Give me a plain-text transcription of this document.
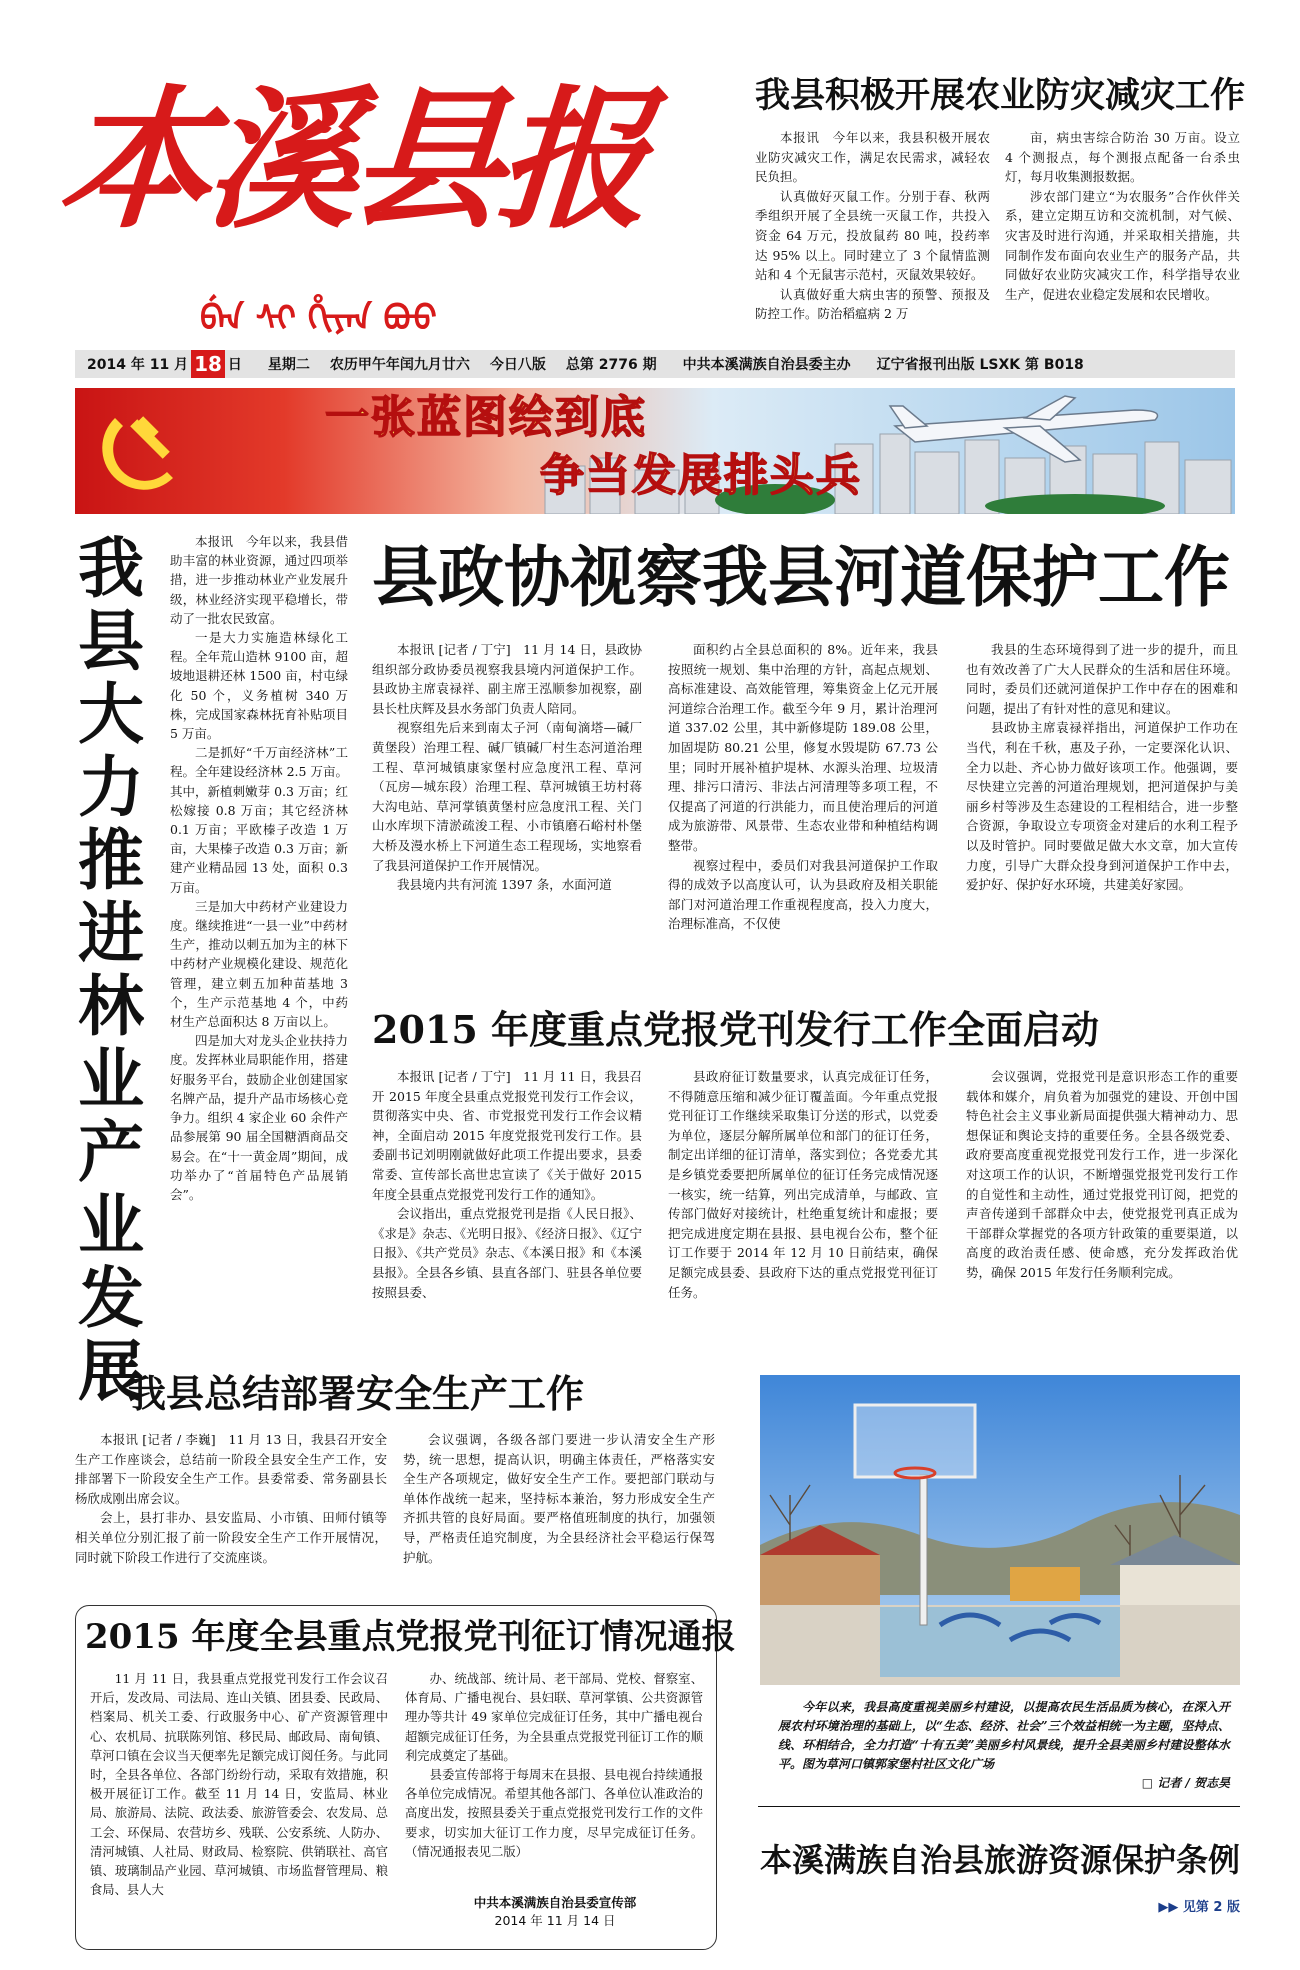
本溪县报
ᠪᡝᠨ ᠰᡳ ᡥᡳᠶᠠᠨ ᠪᠣᠣ
我县积极开展农业防灾减灾工作

本报讯　今年以来，我县积极开展农业防灾减灾工作，满足农民需求，减轻农民负担。

认真做好灭鼠工作。分别于春、秋两季组织开展了全县统一灭鼠工作，共投入资金 64 万元，投放鼠药 80 吨，投药率达 95% 以上。同时建立了 3 个鼠情监测站和 4 个无鼠害示范村，灭鼠效果较好。

认真做好重大病虫害的预警、预报及防控工作。防治稻瘟病 2 万

亩，病虫害综合防治 30 万亩。设立 4 个测报点，每个测报点配备一台杀虫灯，每月收集测报数据。

涉农部门建立“为农服务”合作伙伴关系，建立定期互访和交流机制，对气候、灾害及时进行沟通，并采取相关措施，共同制作发布面向农业生产的服务产品，共同做好农业防灾减灾工作，科学指导农业生产，促进农业稳定发展和农民增收。

2014 年 11 月 18 日 星期二 农历甲午年闰九月廿六 今日八版 总第 2776 期 中共本溪满族自治县委主办 辽宁省报刊出版 LSXK 第 B018
一张蓝图绘到底
争当发展排头兵
我县大力推进林业产业发展

本报讯　今年以来，我县借助丰富的林业资源，通过四项举措，进一步推动林业产业发展升级，林业经济实现平稳增长，带动了一批农民致富。

一是大力实施造林绿化工程。全年荒山造林 9100 亩，超坡地退耕还林 1500 亩，村屯绿化 50 个，义务植树 340 万株，完成国家森林抚育补贴项目 5 万亩。

二是抓好“千万亩经济林”工程。全年建设经济林 2.5 万亩。其中，新植刺嫩芽 0.3 万亩；红松嫁接 0.8 万亩；其它经济林 0.1 万亩；平欧榛子改造 1 万亩，大果榛子改造 0.3 万亩；新建产业精品园 13 处，面积 0.3 万亩。

三是加大中药材产业建设力度。继续推进“一县一业”中药材生产，推动以刺五加为主的林下中药材产业规模化建设、规范化管理，建立刺五加种苗基地 3 个，生产示范基地 4 个，中药材生产总面积达 8 万亩以上。

四是加大对龙头企业扶持力度。发挥林业局职能作用，搭建好服务平台，鼓励企业创建国家名牌产品，提升产品市场核心竞争力。组织 4 家企业 60 余件产品参展第 90 届全国糖酒商品交易会。在“十一黄金周”期间，成功举办了“首届特色产品展销会”。

县政协视察我县河道保护工作

本报讯 [记者 / 丁宁]　11 月 14 日，县政协组织部分政协委员视察我县境内河道保护工作。县政协主席袁禄祥、副主席王泓顺参加视察，副县长杜庆辉及县水务部门负责人陪同。

视察组先后来到南太子河（南甸滴塔—碱厂黄堡段）治理工程、碱厂镇碱厂村生态河道治理工程、草河城镇康家堡村应急度汛工程、草河（瓦房—城东段）治理工程、草河城镇王坊村蒋大沟电站、草河掌镇黄堡村应急度汛工程、关门山水库坝下清淤疏浚工程、小市镇磨石峪村朴堡大桥及漫水桥上下河道生态工程现场，实地察看了我县河道保护工作开展情况。

我县境内共有河流 1397 条，水面河道

面积约占全县总面积的 8%。近年来，我县按照统一规划、集中治理的方针，高起点规划、高标准建设、高效能管理，筹集资金上亿元开展河道综合治理工作。截至今年 9 月，累计治理河道 337.02 公里，其中新修堤防 189.08 公里，加固堤防 80.21 公里，修复水毁堤防 67.73 公里；同时开展补植护堤林、水源头治理、垃圾清理、排污口清污、非法占河清理等多项工程，不仅提高了河道的行洪能力，而且使治理后的河道成为旅游带、风景带、生态农业带和种植结构调整带。

视察过程中，委员们对我县河道保护工作取得的成效予以高度认可，认为县政府及相关职能部门对河道治理工作重视程度高，投入力度大，治理标准高，不仅使

我县的生态环境得到了进一步的提升，而且也有效改善了广大人民群众的生活和居住环境。同时，委员们还就河道保护工作中存在的困难和问题，提出了有针对性的意见和建议。

县政协主席袁禄祥指出，河道保护工作功在当代，利在千秋，惠及子孙，一定要深化认识、全力以赴、齐心协力做好该项工作。他强调，要尽快建立完善的河道治理规划，把河道保护与美丽乡村等涉及生态建设的工程相结合，进一步整合资源，争取设立专项资金对建后的水利工程予以及时管护。同时要做足做大水文章，加大宣传力度，引导广大群众投身到河道保护工作中去，爱护好、保护好水环境，共建美好家园。

2015 年度重点党报党刊发行工作全面启动

本报讯 [记者 / 丁宁]　11 月 11 日，我县召开 2015 年度全县重点党报党刊发行工作会议，贯彻落实中央、省、市党报党刊发行工作会议精神，全面启动 2015 年度党报党刊发行工作。县委副书记刘明刚就做好此项工作提出要求，县委常委、宣传部长高世忠宣读了《关于做好 2015 年度全县重点党报党刊发行工作的通知》。

会议指出，重点党报党刊是指《人民日报》、《求是》杂志、《光明日报》、《经济日报》、《辽宁日报》、《共产党员》杂志、《本溪日报》和《本溪县报》。全县各乡镇、县直各部门、驻县各单位要按照县委、

县政府征订数量要求，认真完成征订任务，不得随意压缩和减少征订覆盖面。今年重点党报党刊征订工作继续采取集订分送的形式，以党委为单位，逐层分解所属单位和部门的征订任务，制定出详细的征订清单，落实到位；各党委尤其是乡镇党委要把所属单位的征订任务完成情况逐一核实，统一结算，列出完成清单，与邮政、宣传部门做好对接统计，杜绝重复统计和虚报；要把完成进度定期在县报、县电视台公布，整个征订工作要于 2014 年 12 月 10 日前结束，确保足额完成县委、县政府下达的重点党报党刊征订任务。

会议强调，党报党刊是意识形态工作的重要载体和媒介，肩负着为加强党的建设、开创中国特色社会主义事业新局面提供强大精神动力、思想保证和舆论支持的重要任务。全县各级党委、政府要高度重视党报党刊发行工作，进一步深化对这项工作的认识，不断增强党报党刊发行工作的自觉性和主动性，通过党报党刊订阅，把党的声音传递到千部群众中去，使党报党刊真正成为干部群众掌握党的各项方针政策的重要渠道，以高度的政治责任感、使命感，充分发挥政治优势，确保 2015 年发行任务顺利完成。

我县总结部署安全生产工作

本报讯 [记者 / 李巍]　11 月 13 日，我县召开安全生产工作座谈会，总结前一阶段全县安全生产工作，安排部署下一阶段安全生产工作。县委常委、常务副县长杨欣成刚出席会议。

会上，县打非办、县安监局、小市镇、田师付镇等相关单位分别汇报了前一阶段安全生产工作开展情况，同时就下阶段工作进行了交流座谈。

会议强调，各级各部门要进一步认清安全生产形势，统一思想，提高认识，明确主体责任，严格落实安全生产各项规定，做好安全生产工作。要把部门联动与单体作战统一起来，坚持标本兼治，努力形成安全生产齐抓共管的良好局面。要严格值班制度的执行，加强领导，严格责任追究制度，为全县经济社会平稳运行保驾护航。

2015 年度全县重点党报党刊征订情况通报

11 月 11 日，我县重点党报党刊发行工作会议召开后，发改局、司法局、连山关镇、团县委、民政局、档案局、机关工委、行政服务中心、矿产资源管理中心、农机局、抗联陈列馆、移民局、邮政局、南甸镇、草河口镇在会议当天便率先足额完成订阅任务。与此同时，全县各单位、各部门纷纷行动，采取有效措施，积极开展征订工作。截至 11 月 14 日，安监局、林业局、旅游局、法院、政法委、旅游管委会、农发局、总工会、环保局、农营坊乡、残联、公安系统、人防办、清河城镇、人社局、财政局、检察院、供销联社、高官镇、玻璃制品产业园、草河城镇、市场监督管理局、粮食局、县人大

办、统战部、统计局、老干部局、党校、督察室、体育局、广播电视台、县妇联、草河掌镇、公共资源管理办等共计 49 家单位完成征订任务，其中广播电视台超额完成征订任务，为全县重点党报党刊征订工作的顺利完成奠定了基础。

县委宣传部将于每周末在县报、县电视台持续通报各单位完成情况。希望其他各部门、各单位认准政治的高度出发，按照县委关于重点党报党刊发行工作的文件要求，切实加大征订工作力度，尽早完成征订任务。（情况通报表见二版）

中共本溪满族自治县委宣传部
2014 年 11 月 14 日
今年以来，我县高度重视美丽乡村建设，以提高农民生活品质为核心，在深入开展农村环境治理的基础上，以“生态、经济、社会”三个效益相统一为主题，坚持点、线、环相结合，全力打造“十有五美”美丽乡村风景线，提升全县美丽乡村建设整体水平。图为草河口镇郭家堡村社区文化广场
□ 记者 / 贺志昊
本溪满族自治县旅游资源保护条例
▶▶ 见第 2 版
